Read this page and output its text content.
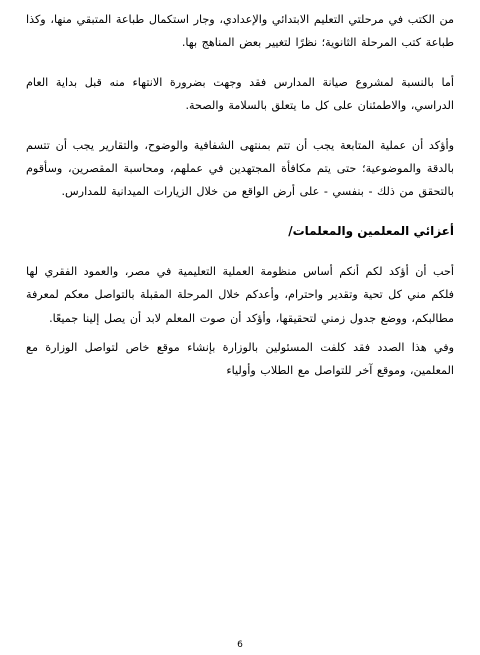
من الكتب في مرحلتي التعليم الابتدائي والإعدادي، وجار استكمال طباعة المتبقي منها، وكذا طباعة كتب المرحلة الثانوية؛ نظرًا لتغيير بعض المناهج بها.

أما بالنسبة لمشروع صيانة المدارس فقد وجهت بضرورة الانتهاء منه قبل بداية العام الدراسي، والاطمئنان على كل ما يتعلق بالسلامة والصحة.

وأؤكد أن عملية المتابعة يجب أن تتم بمنتهى الشفافية والوضوح، والتقارير يجب أن تتسم بالدقة والموضوعية؛ حتى يتم مكافأة المجتهدين في عملهم، ومحاسبة المقصرين، وسأقوم بالتحقق من ذلك - بنفسي - على أرض الواقع من خلال الزيارات الميدانية للمدارس.

أعزائي المعلمين والمعلمات/

أحب أن أؤكد لكم أنكم أساس منظومة العملية التعليمية في مصر، والعمود الفقري لها فلكم مني كل تحية وتقدير واحترام، وأعدكم خلال المرحلة المقبلة بالتواصل معكم لمعرفة مطالبكم، ووضع جدول زمني لتحقيقها، وأؤكد أن صوت المعلم لابد أن يصل إلينا جميعًا.

وفي هذا الصدد فقد كلفت المسئولين بالوزارة بإنشاء موقع خاص لتواصل الوزارة مع المعلمين، وموقع آخر للتواصل مع الطلاب وأولياء

6
